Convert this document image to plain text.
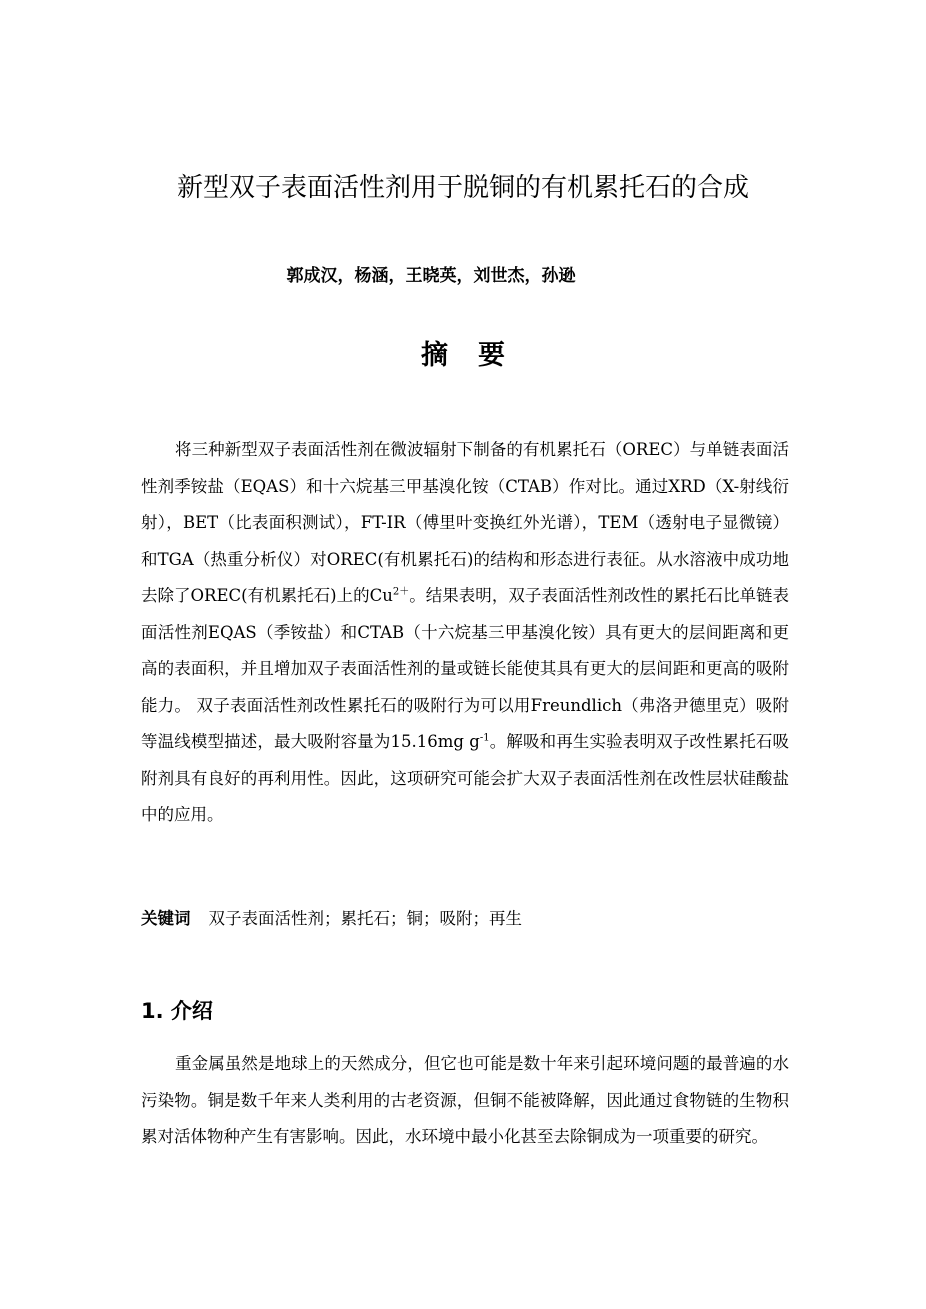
新型双子表面活性剂用于脱铜的有机累托石的合成
郭成汉，杨涵，王晓英，刘世杰，孙逊
摘要

将三种新型双子表面活性剂在微波辐射下制备的有机累托石（OREC）与单链表面活性剂季铵盐（EQAS）和十六烷基三甲基溴化铵（CTAB）作对比。通过XRD（X-射线衍射），BET（比表面积测试），FT-IR（傅里叶变换红外光谱），TEM（透射电子显微镜）和TGA（热重分析仪）对OREC(有机累托石)的结构和形态进行表征。从水溶液中成功地去除了OREC(有机累托石)上的$Cu^{2+}$。结果表明，双子表面活性剂改性的累托石比单链表面活性剂EQAS（季铵盐）和CTAB（十六烷基三甲基溴化铵）具有更大的层间距离和更高的表面积，并且增加双子表面活性剂的量或链长能使其具有更大的层间距和更高的吸附能力。 双子表面活性剂改性累托石的吸附行为可以用Freundlich（弗洛尹德里克）吸附等温线模型描述，最大吸附容量为15.16mg $g^{-1}$。解吸和再生实验表明双子改性累托石吸附剂具有良好的再利用性。因此，这项研究可能会扩大双子表面活性剂在改性层状硅酸盐中的应用。

关键词 双子表面活性剂；累托石；铜；吸附；再生

1. 介绍

重金属虽然是地球上的天然成分，但它也可能是数十年来引起环境问题的最普遍的水污染物。铜是数千年来人类利用的古老资源，但铜不能被降解，因此通过食物链的生物积累对活体物种产生有害影响。因此，水环境中最小化甚至去除铜成为一项重要的研究。
